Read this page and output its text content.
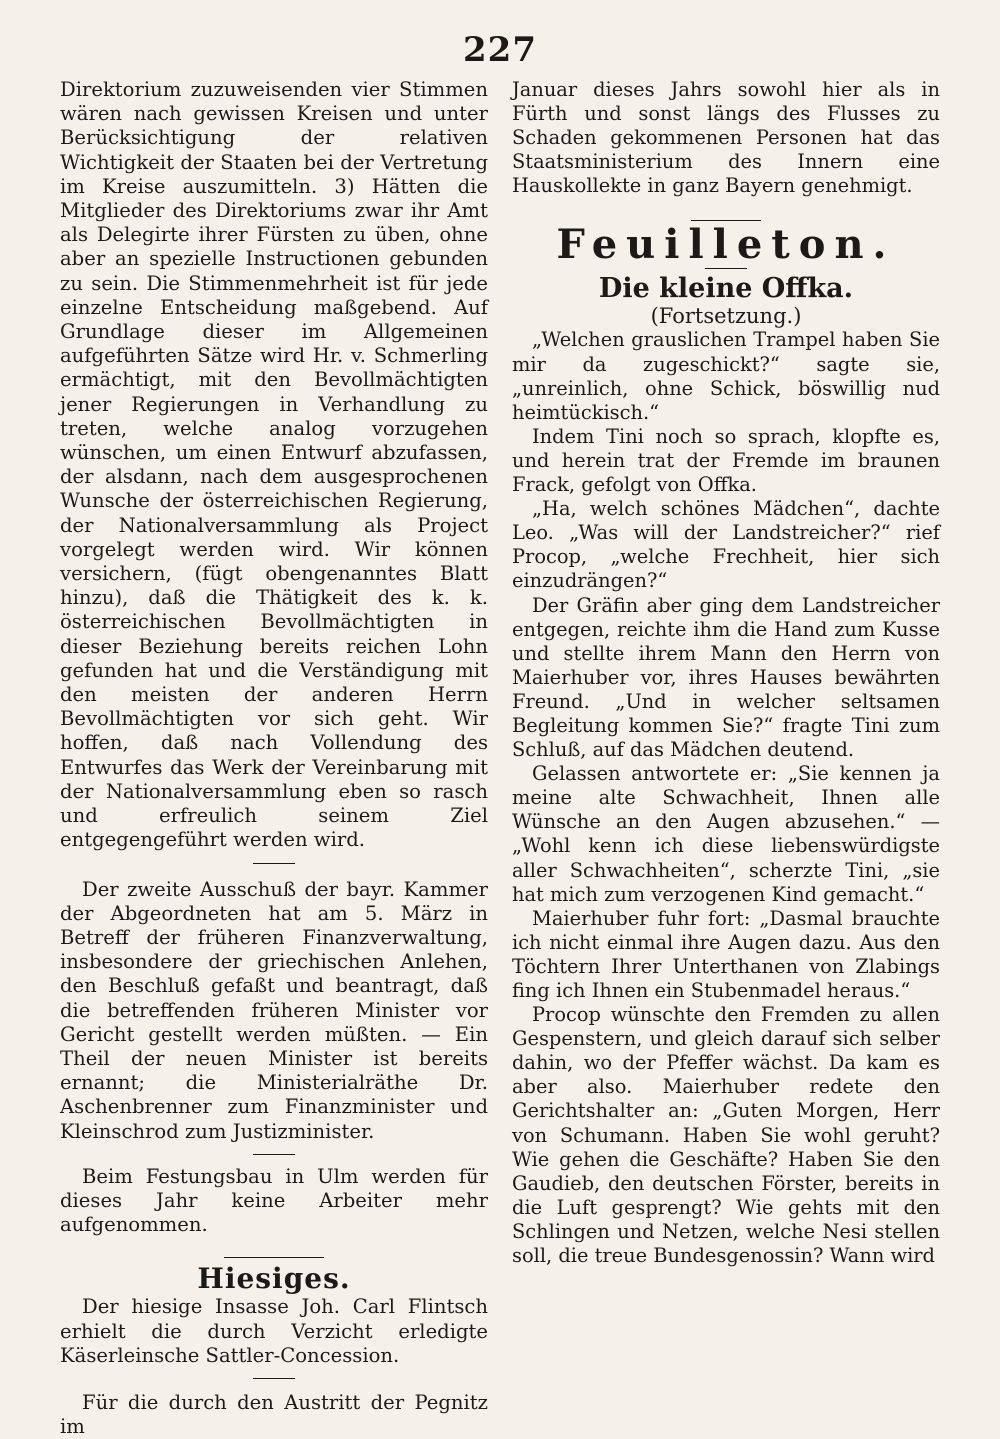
227

Direktorium zuzuweisenden vier Stimmen wären nach gewissen Kreisen und unter Berücksichtigung der relativen Wichtigkeit der Staaten bei der Vertretung im Kreise auszumitteln. 3) Hätten die Mitglieder des Direktoriums zwar ihr Amt als Delegirte ihrer Fürsten zu üben, ohne aber an spezielle Instructionen gebunden zu sein. Die Stimmenmehrheit ist für jede einzelne Entscheidung maßgebend. Auf Grundlage dieser im Allgemeinen aufgeführten Sätze wird Hr. v. Schmerling ermächtigt, mit den Bevollmächtigten jener Regierungen in Verhandlung zu treten, welche analog vorzugehen wünschen, um einen Entwurf abzufassen, der alsdann, nach dem ausgesprochenen Wunsche der österreichischen Regierung, der Nationalversammlung als Project vorgelegt werden wird. Wir können versichern, (fügt obengenanntes Blatt hinzu), daß die Thätigkeit des k. k. österreichischen Bevollmächtigten in dieser Beziehung bereits reichen Lohn gefunden hat und die Verständigung mit den meisten der anderen Herrn Bevollmächtigten vor sich geht. Wir hoffen, daß nach Vollendung des Entwurfes das Werk der Vereinbarung mit der Nationalversammlung eben so rasch und erfreulich seinem Ziel entgegengeführt werden wird.

Der zweite Ausschuß der bayr. Kammer der Abgeordneten hat am 5. März in Betreff der früheren Finanzverwaltung, insbesondere der griechischen Anlehen, den Beschluß gefaßt und beantragt, daß die betreffenden früheren Minister vor Gericht gestellt werden müßten. — Ein Theil der neuen Minister ist bereits ernannt; die Ministerialräthe Dr. Aschenbrenner zum Finanzminister und Kleinschrod zum Justizminister.

Beim Festungsbau in Ulm werden für dieses Jahr keine Arbeiter mehr aufgenommen.

Hiesiges.

Der hiesige Insasse Joh. Carl Flintsch erhielt die durch Verzicht erledigte Käserleinsche Sattler-Concession.

Für die durch den Austritt der Pegnitz im

Januar dieses Jahrs sowohl hier als in Fürth und sonst längs des Flusses zu Schaden gekommenen Personen hat das Staatsministerium des Innern eine Hauskollekte in ganz Bayern genehmigt.

Feuilleton.

Die kleine Offka.

(Fortsetzung.)

„Welchen grauslichen Trampel haben Sie mir da zugeschickt?“ sagte sie, „unreinlich, ohne Schick, böswillig nud heimtückisch.“

Indem Tini noch so sprach, klopfte es, und herein trat der Fremde im braunen Frack, gefolgt von Offka.

„Ha, welch schönes Mädchen“, dachte Leo. „Was will der Landstreicher?“ rief Procop, „welche Frechheit, hier sich einzudrängen?“

Der Gräfin aber ging dem Landstreicher entgegen, reichte ihm die Hand zum Kusse und stellte ihrem Mann den Herrn von Maierhuber vor, ihres Hauses bewährten Freund. „Und in welcher seltsamen Begleitung kommen Sie?“ fragte Tini zum Schluß, auf das Mädchen deutend.

Gelassen antwortete er: „Sie kennen ja meine alte Schwachheit, Ihnen alle Wünsche an den Augen abzusehen.“ — „Wohl kenn ich diese liebenswürdigste aller Schwachheiten“, scherzte Tini, „sie hat mich zum verzogenen Kind gemacht.“

Maierhuber fuhr fort: „Dasmal brauchte ich nicht einmal ihre Augen dazu. Aus den Töchtern Ihrer Unterthanen von Zlabings fing ich Ihnen ein Stubenmadel heraus.“

Procop wünschte den Fremden zu allen Gespenstern, und gleich darauf sich selber dahin, wo der Pfeffer wächst. Da kam es aber also. Maierhuber redete den Gerichtshalter an: „Guten Morgen, Herr von Schumann. Haben Sie wohl geruht? Wie gehen die Geschäfte? Haben Sie den Gaudieb, den deutschen Förster, bereits in die Luft gesprengt? Wie gehts mit den Schlingen und Netzen, welche Nesi stellen soll, die treue Bundesgenossin? Wann wird
